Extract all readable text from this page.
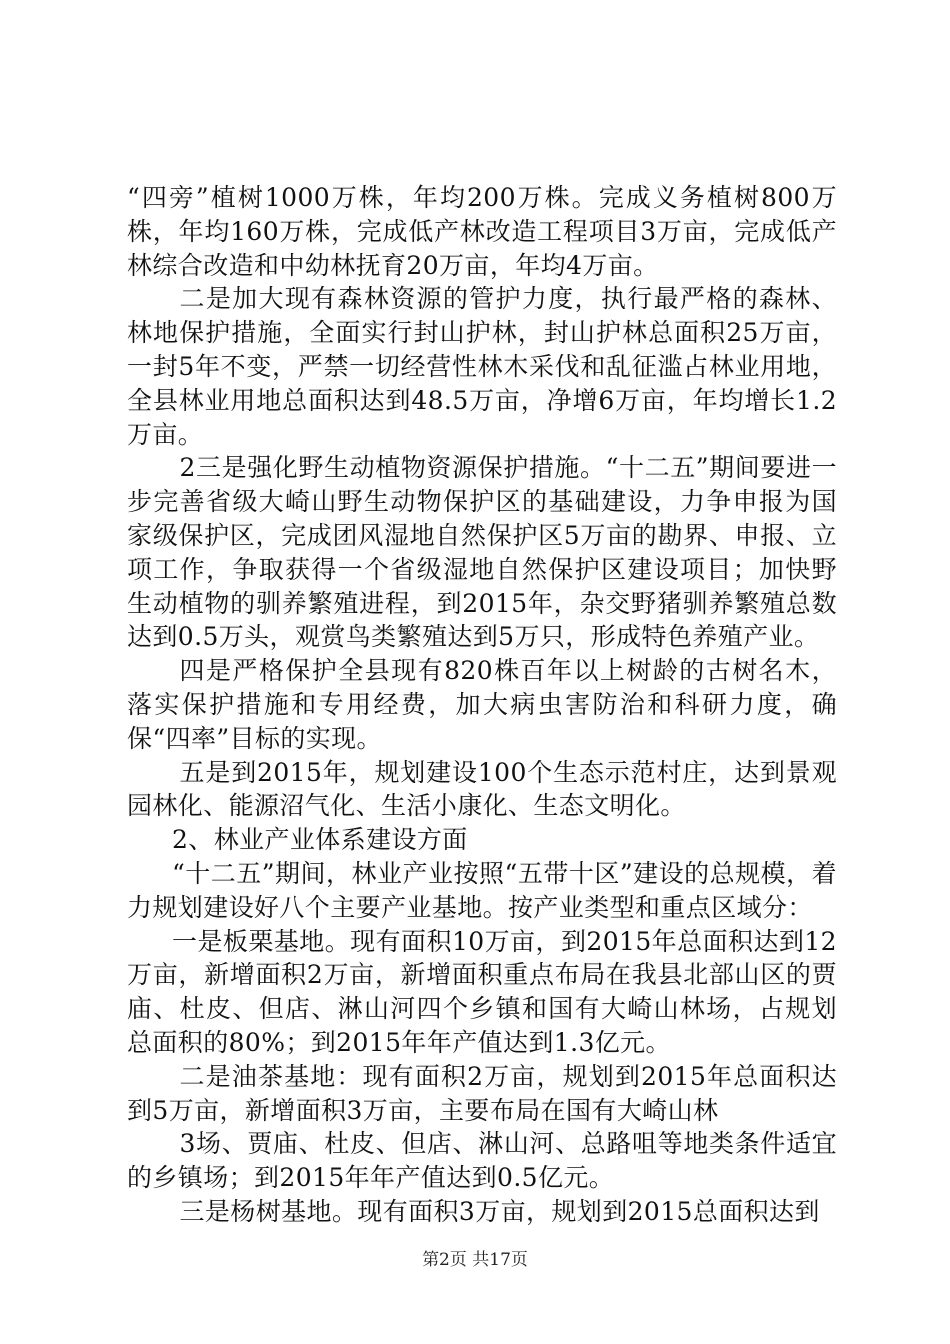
“四旁”植树1000万株，年均200万株。完成义务植树800万株，年均160万株，完成低产林改造工程项目3万亩，完成低产林综合改造和中幼林抚育20万亩，年均4万亩。

二是加大现有森林资源的管护力度，执行最严格的森林、林地保护措施，全面实行封山护林，封山护林总面积25万亩，一封5年不变，严禁一切经营性林木采伐和乱征滥占林业用地，全县林业用地总面积达到48.5万亩，净增6万亩，年均增长1.2万亩。

2三是强化野生动植物资源保护措施。“十二五”期间要进一步完善省级大崎山野生动物保护区的基础建设，力争申报为国家级保护区，完成团风湿地自然保护区5万亩的勘界、申报、立项工作，争取获得一个省级湿地自然保护区建设项目；加快野生动植物的驯养繁殖进程，到2015年，杂交野猪驯养繁殖总数达到0.5万头，观赏鸟类繁殖达到5万只，形成特色养殖产业。

四是严格保护全县现有820株百年以上树龄的古树名木，落实保护措施和专用经费，加大病虫害防治和科研力度，确保“四率”目标的实现。

五是到2015年，规划建设100个生态示范村庄，达到景观园林化、能源沼气化、生活小康化、生态文明化。

2、林业产业体系建设方面

“十二五”期间，林业产业按照“五带十区”建设的总规模，着力规划建设好八个主要产业基地。按产业类型和重点区域分：

一是板栗基地。现有面积10万亩，到2015年总面积达到12万亩，新增面积2万亩，新增面积重点布局在我县北部山区的贾庙、杜皮、但店、淋山河四个乡镇和国有大崎山林场，占规划总面积的80%；到2015年年产值达到1.3亿元。

二是油茶基地：现有面积2万亩，规划到2015年总面积达到5万亩，新增面积3万亩，主要布局在国有大崎山林

3场、贾庙、杜皮、但店、淋山河、总路咀等地类条件适宜的乡镇场；到2015年年产值达到0.5亿元。

三是杨树基地。现有面积3万亩，规划到2015总面积达到

第2页 共17页
